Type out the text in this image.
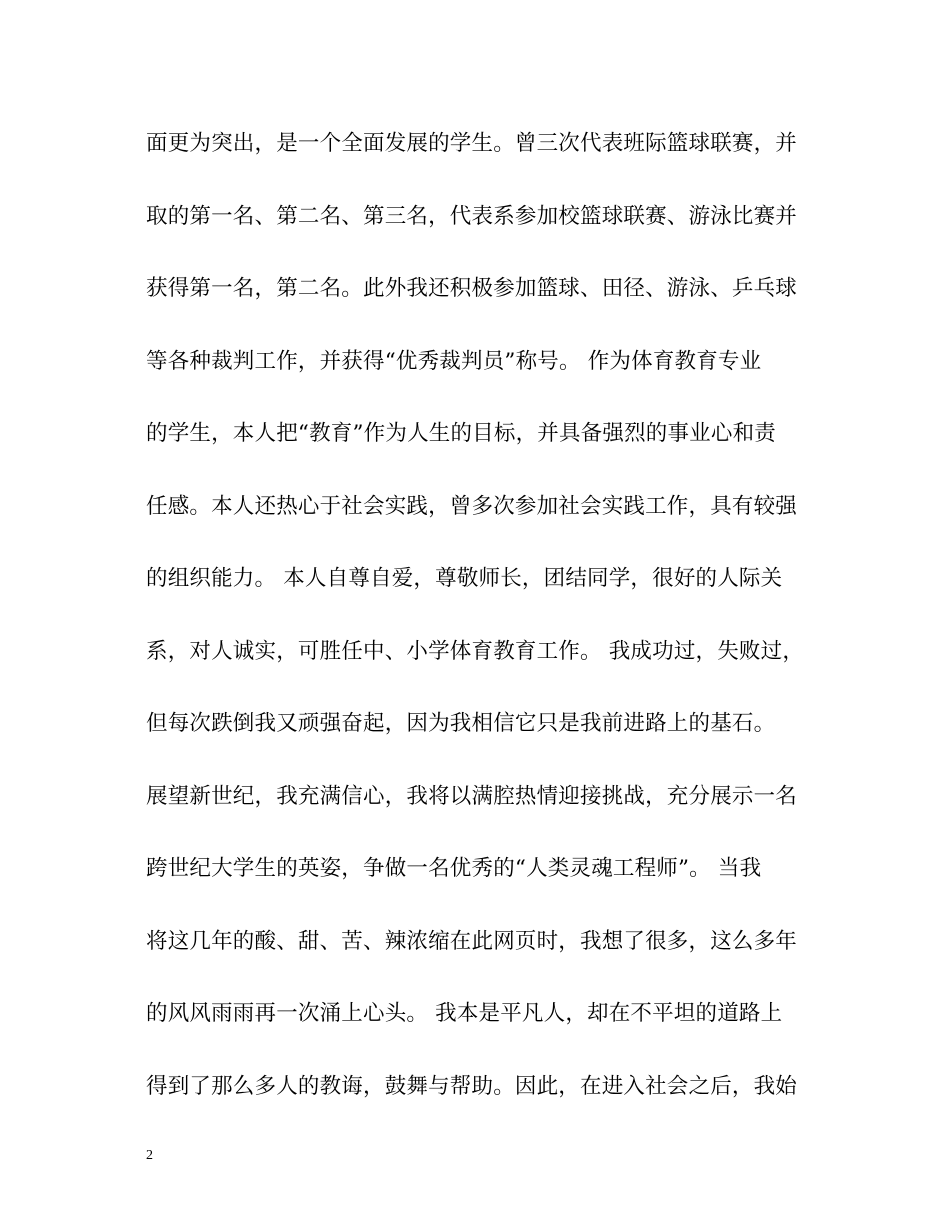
面更为突出，是一个全面发展的学生。曾三次代表班际篮球联赛，并
取的第一名、第二名、第三名，代表系参加校篮球联赛、游泳比赛并
获得第一名，第二名。此外我还积极参加篮球、田径、游泳、乒乓球
等各种裁判工作，并获得“优秀裁判员”称号。 作为体育教育专业
的学生，本人把“教育”作为人生的目标，并具备强烈的事业心和责
任感。本人还热心于社会实践，曾多次参加社会实践工作，具有较强
的组织能力。 本人自尊自爱，尊敬师长，团结同学，很好的人际关
系，对人诚实，可胜任中、小学体育教育工作。 我成功过，失败过，
但每次跌倒我又顽强奋起，因为我相信它只是我前进路上的基石。
展望新世纪，我充满信心，我将以满腔热情迎接挑战，充分展示一名
跨世纪大学生的英姿，争做一名优秀的“人类灵魂工程师”。 当我
将这几年的酸、甜、苦、辣浓缩在此网页时，我想了很多，这么多年
的风风雨雨再一次涌上心头。 我本是平凡人，却在不平坦的道路上
得到了那么多人的教诲，鼓舞与帮助。因此，在进入社会之后，我始
2
